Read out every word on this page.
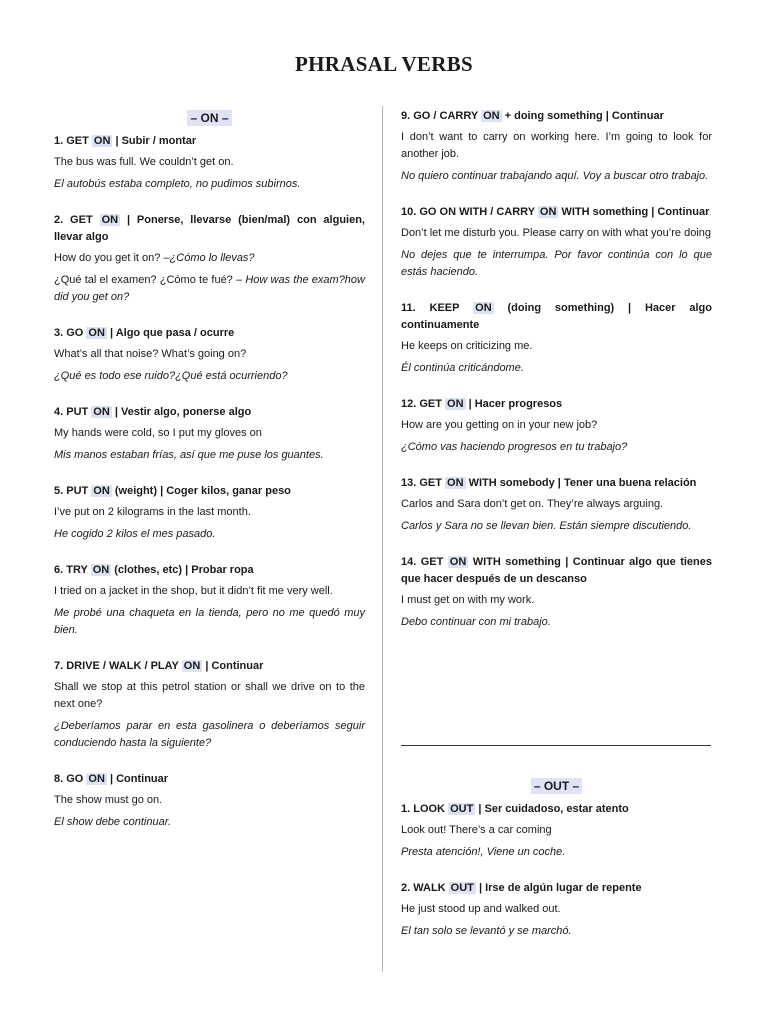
PHRASAL VERBS
– ON –
1. GET ON | Subir / montar
The bus was full. We couldn’t get on.
El autobús estaba completo, no pudimos subirnos.
2. GET ON | Ponerse, llevarse (bien/mal) con alguien, llevar algo
How do you get it on? –¿Cómo lo llevas?
¿Qué tal el examen? ¿Cómo te fué? – How was the exam?how did you get on?
3. GO ON | Algo que pasa / ocurre
What’s all that noise? What’s going on?
¿Qué es todo ese ruido?¿Qué está ocurriendo?
4. PUT ON | Vestir algo, ponerse algo
My hands were cold, so I put my gloves on
Mis manos estaban frías, así que me puse los guantes.
5. PUT ON (weight) | Coger kilos, ganar peso
I’ve put on 2 kilograms in the last month.
He cogido 2 kilos el mes pasado.
6. TRY ON (clothes, etc) | Probar ropa
I tried on a jacket in the shop, but it didn’t fit me very well.
Me probé una chaqueta en la tienda, pero no me quedó muy bien.
7. DRIVE / WALK / PLAY ON | Continuar
Shall we stop at this petrol station or shall we drive on to the next one?
¿Deberíamos parar en esta gasolinera o deberíamos seguir conduciendo hasta la siguiente?
8. GO ON | Continuar
The show must go on.
El show debe continuar.
9. GO / CARRY ON + doing something | Continuar
I don’t want to carry on working here. I’m going to look for another job.
No quiero continuar trabajando aquí. Voy a buscar otro trabajo.
10. GO ON WITH / CARRY ON WITH something | Continuar
Don’t let me disturb you. Please carry on with what you’re doing
No dejes que te interrumpa. Por favor continúa con lo que estás haciendo.
11. KEEP ON (doing something) | Hacer algo continuamente
He keeps on criticizing me.
Él continúa criticándome.
12. GET ON | Hacer progresos
How are you getting on in your new job?
¿Cómo vas haciendo progresos en tu trabajo?
13. GET ON WITH somebody | Tener una buena relación
Carlos and Sara don’t get on. They’re always arguing.
Carlos y Sara no se llevan bien. Están siempre discutiendo.
14. GET ON WITH something | Continuar algo que tienes que hacer después de un descanso
I must get on with my work.
Debo continuar con mi trabajo.
– OUT –
1. LOOK OUT | Ser cuidadoso, estar atento
Look out! There’s a car coming
Presta atención!, Viene un coche.
2. WALK OUT | Irse de algún lugar de repente
He just stood up and walked out.
El tan solo se levantó y se marchó.
